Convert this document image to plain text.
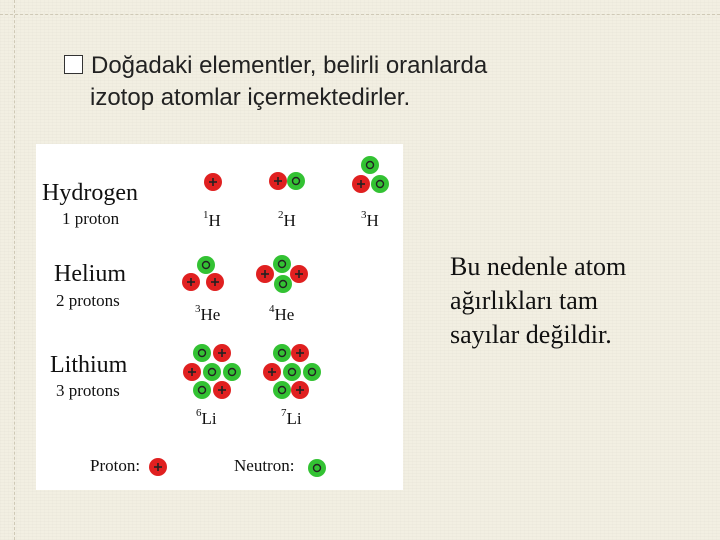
Doğadaki elementler, belirli oranlarda
izotop atomlar içermektedirler.
Hydrogen
1 proton
Helium
2 protons
Lithium
3 protons
$^1$H	$^2$H	$^3$H
$^3$He	$^4$He
$^6$Li	$^7$Li
Proton:	Neutron:
Bu nedenle atom
ağırlıkları tam
sayılar değildir.
